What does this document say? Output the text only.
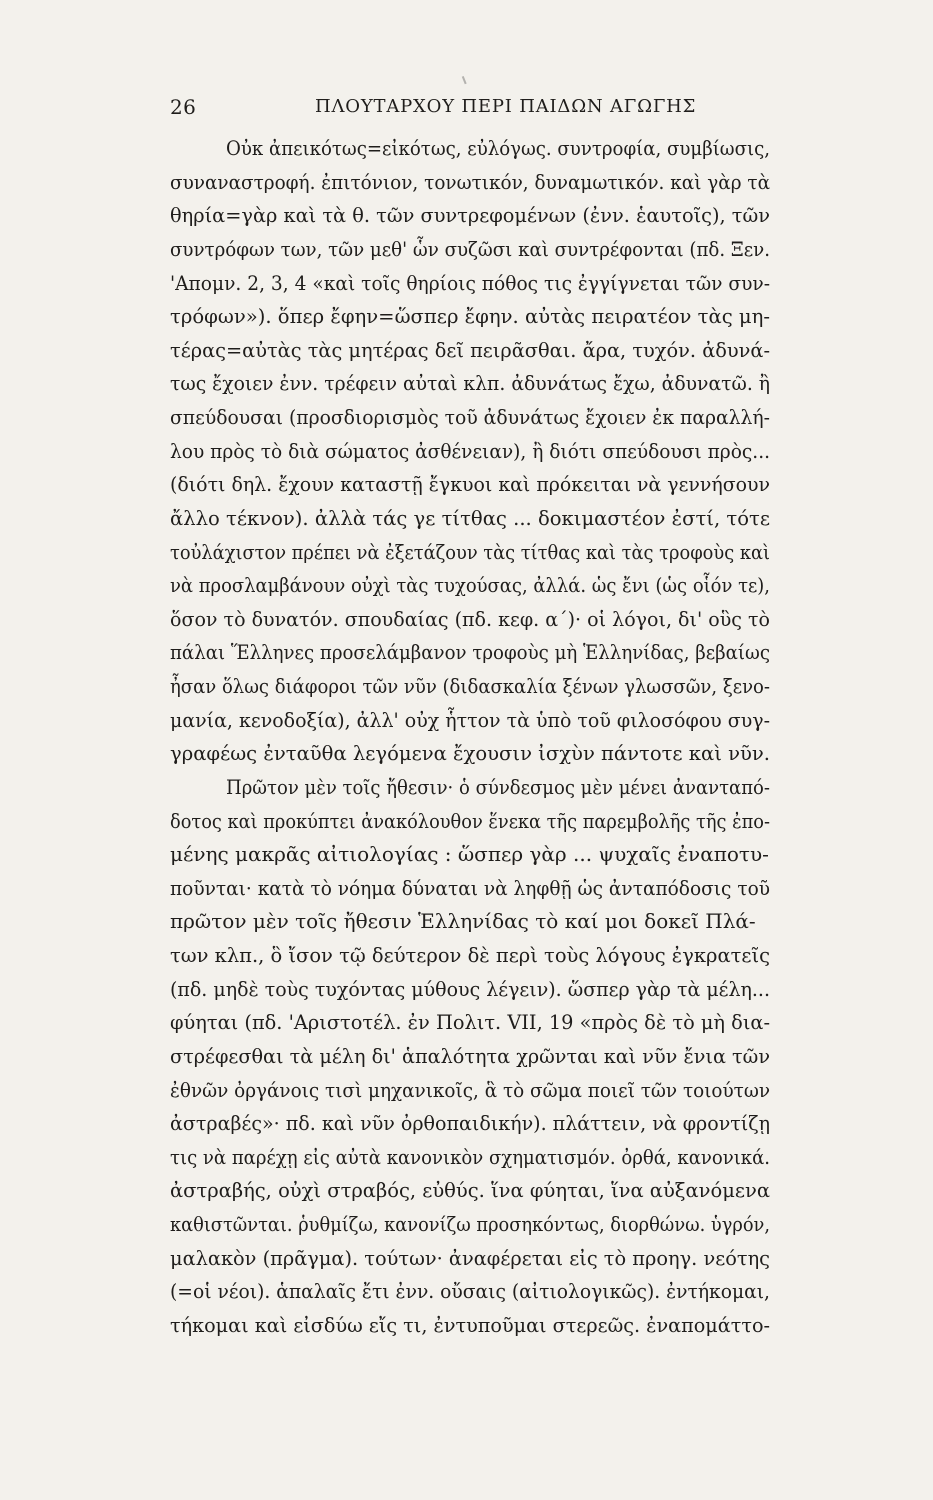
26	ΠΛΟΥΤΑΡΧΟΥ ΠΕΡΙ ΠΑΙΔΩΝ ΑΓΩΓΗΣ
Οὐκ ἀπεικότως=εἰκότως, εὐλόγως. συντροφία, συμβίωσις,
συναναστροφή. ἐπιτόνιον, τονωτικόν, δυναμωτικόν. καὶ γὰρ τὰ
θηρία=γὰρ καὶ τὰ θ. τῶν συντρεφομένων (ἐνν. ἑαυτοῖς), τῶν
συντρόφων των, τῶν μεθ' ὧν συζῶσι καὶ συντρέφονται (πδ. Ξεν.
'Απομν. 2, 3, 4 «καὶ τοῖς θηρίοις πόθος τις ἐγγίγνεται τῶν συν-
τρόφων»). ὅπερ ἔφην=ὥσπερ ἔφην. αὐτὰς πειρατέον τὰς μη-
τέρας=αὐτὰς τὰς μητέρας δεῖ πειρᾶσθαι. ἄρα, τυχόν. ἀδυνά-
τως ἔχοιεν ἐνν. τρέφειν αὐταὶ κλπ. ἀδυνάτως ἔχω, ἀδυνατῶ. ἢ
σπεύδουσαι (προσδιορισμὸς τοῦ ἀδυνάτως ἔχοιεν ἐκ παραλλή-
λου πρὸς τὸ διὰ σώματος ἀσθένειαν), ἢ διότι σπεύδουσι πρὸς...
(διότι δηλ. ἔχουν καταστῇ ἔγκυοι καὶ πρόκειται νὰ γεννήσουν
ἄλλο τέκνον). ἀλλὰ τάς γε τίτθας ... δοκιμαστέον ἐστί, τότε
τοὐλάχιστον πρέπει νὰ ἐξετάζουν τὰς τίτθας καὶ τὰς τροφοὺς καὶ
νὰ προσλαμβάνουν οὐχὶ τὰς τυχούσας, ἀλλά. ὡς ἔνι (ὡς οἷόν τε),
ὅσον τὸ δυνατόν. σπουδαίας (πδ. κεφ. α΄)· οἱ λόγοι, δι' οὓς τὸ
πάλαι Ἕλληνες προσελάμβανον τροφοὺς μὴ Ἑλληνίδας, βεβαίως
ἦσαν ὅλως διάφοροι τῶν νῦν (διδασκαλία ξένων γλωσσῶν, ξενο-
μανία, κενοδοξία), ἀλλ' οὐχ ἧττον τὰ ὑπὸ τοῦ φιλοσόφου συγ-
γραφέως ἐνταῦθα λεγόμενα ἔχουσιν ἰσχὺν πάντοτε καὶ νῦν.
Πρῶτον μὲν τοῖς ἤθεσιν· ὁ σύνδεσμος μὲν μένει ἀνανταπό-
δοτος καὶ προκύπτει ἀνακόλουθον ἕνεκα τῆς παρεμβολῆς τῆς ἐπο-
μένης μακρᾶς αἰτιολογίας : ὥσπερ γὰρ ... ψυχαῖς ἐναποτυ-
ποῦνται· κατὰ τὸ νόημα δύναται νὰ ληφθῇ ὡς ἀνταπόδοσις τοῦ
πρῶτον μὲν τοῖς ἤθεσιν Ἑλληνίδας τὸ καί μοι δοκεῖ Πλά-
των κλπ., ὃ ἴσον τῷ δεύτερον δὲ περὶ τοὺς λόγους ἐγκρατεῖς
(πδ. μηδὲ τοὺς τυχόντας μύθους λέγειν). ὥσπερ γὰρ τὰ μέλη...
φύηται (πδ. 'Αριστοτέλ. ἐν Πολιτ. VII, 19 «πρὸς δὲ τὸ μὴ δια-
στρέφεσθαι τὰ μέλη δι' ἁπαλότητα χρῶνται καὶ νῦν ἔνια τῶν
ἐθνῶν ὀργάνοις τισὶ μηχανικοῖς, ἃ τὸ σῶμα ποιεῖ τῶν τοιούτων
ἀστραβές»· πδ. καὶ νῦν ὀρθοπαιδικήν). πλάττειν, νὰ φροντίζῃ
τις νὰ παρέχῃ εἰς αὐτὰ κανονικὸν σχηματισμόν. ὀρθά, κανονικά.
ἀστραβής, οὐχὶ στραβός, εὐθύς. ἵνα φύηται, ἵνα αὐξανόμενα
καθιστῶνται. ῥυθμίζω, κανονίζω προσηκόντως, διορθώνω. ὑγρόν,
μαλακὸν (πρᾶγμα). τούτων· ἀναφέρεται εἰς τὸ προηγ. νεότης
(=οἱ νέοι). ἁπαλαῖς ἔτι ἐνν. οὔσαις (αἰτιολογικῶς). ἐντήκομαι,
τήκομαι καὶ εἰσδύω εἴς τι, ἐντυποῦμαι στερεῶς. ἐναπομάττο-
